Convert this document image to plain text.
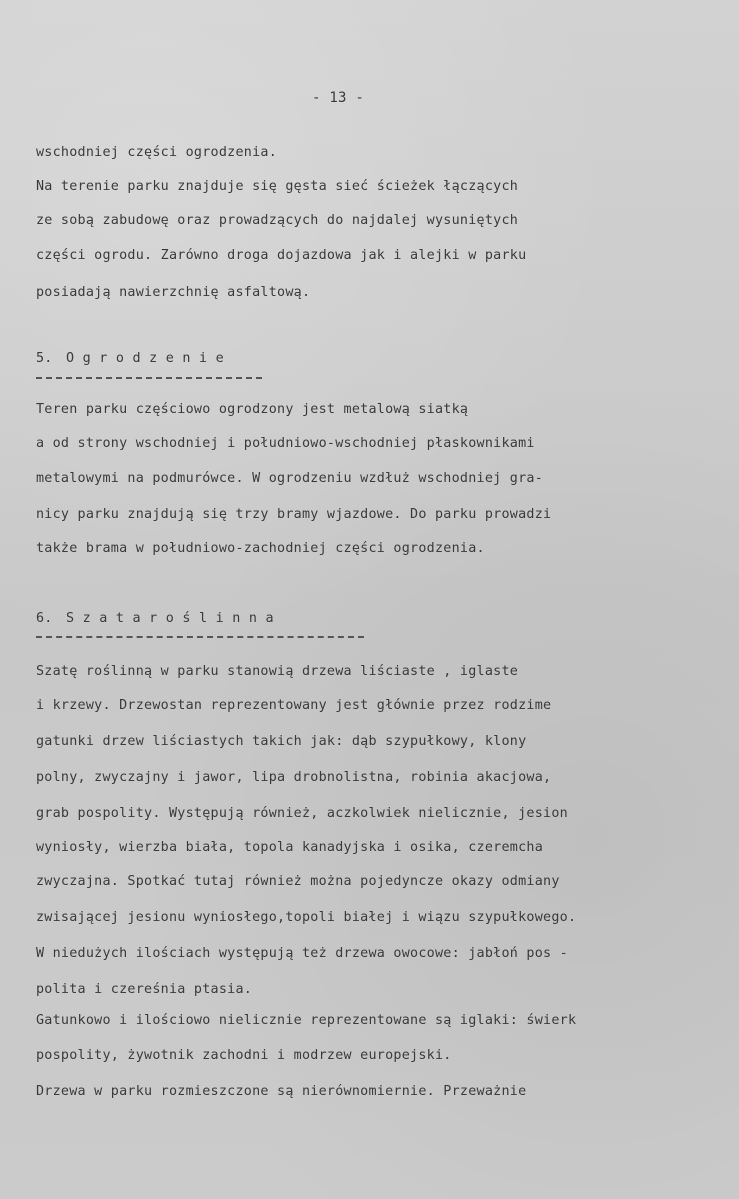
- 13 -
wschodniej części ogrodzenia.
Na terenie parku znajduje się gęsta sieć ścieżek łączących
ze sobą zabudowę oraz prowadzących do najdalej wysuniętych
części ogrodu. Zarówno droga dojazdowa jak i alejki w parku
posiadają nawierzchnię asfaltową.
5. O g r o d z e n i e
Teren parku częściowo ogrodzony jest metalową siatką
a od strony wschodniej i południowo-wschodniej płaskownikami
metalowymi na podmurówce. W ogrodzeniu wzdłuż wschodniej gra-
nicy parku znajdują się trzy bramy wjazdowe. Do parku prowadzi
także brama w południowo-zachodniej części ogrodzenia.
6. S z a t a r o ś l i n n a
Szatę roślinną w parku stanowią drzewa liściaste , iglaste
i krzewy. Drzewostan reprezentowany jest głównie przez rodzime
gatunki drzew liściastych takich jak: dąb szypułkowy, klony
polny, zwyczajny i jawor, lipa drobnolistna, robinia akacjowa,
grab pospolity. Występują również, aczkolwiek nielicznie, jesion
wyniosły, wierzba biała, topola kanadyjska i osika, czeremcha
zwyczajna. Spotkać tutaj również można pojedyncze okazy odmiany
zwisającej jesionu wyniosłego,topoli białej i wiązu szypułkowego.
W niedużych ilościach występują też drzewa owocowe: jabłoń pos -
polita i czereśnia ptasia.
Gatunkowo i ilościowo nielicznie reprezentowane są iglaki: świerk
pospolity, żywotnik zachodni i modrzew europejski.
Drzewa w parku rozmieszczone są nierównomiernie. Przeważnie
